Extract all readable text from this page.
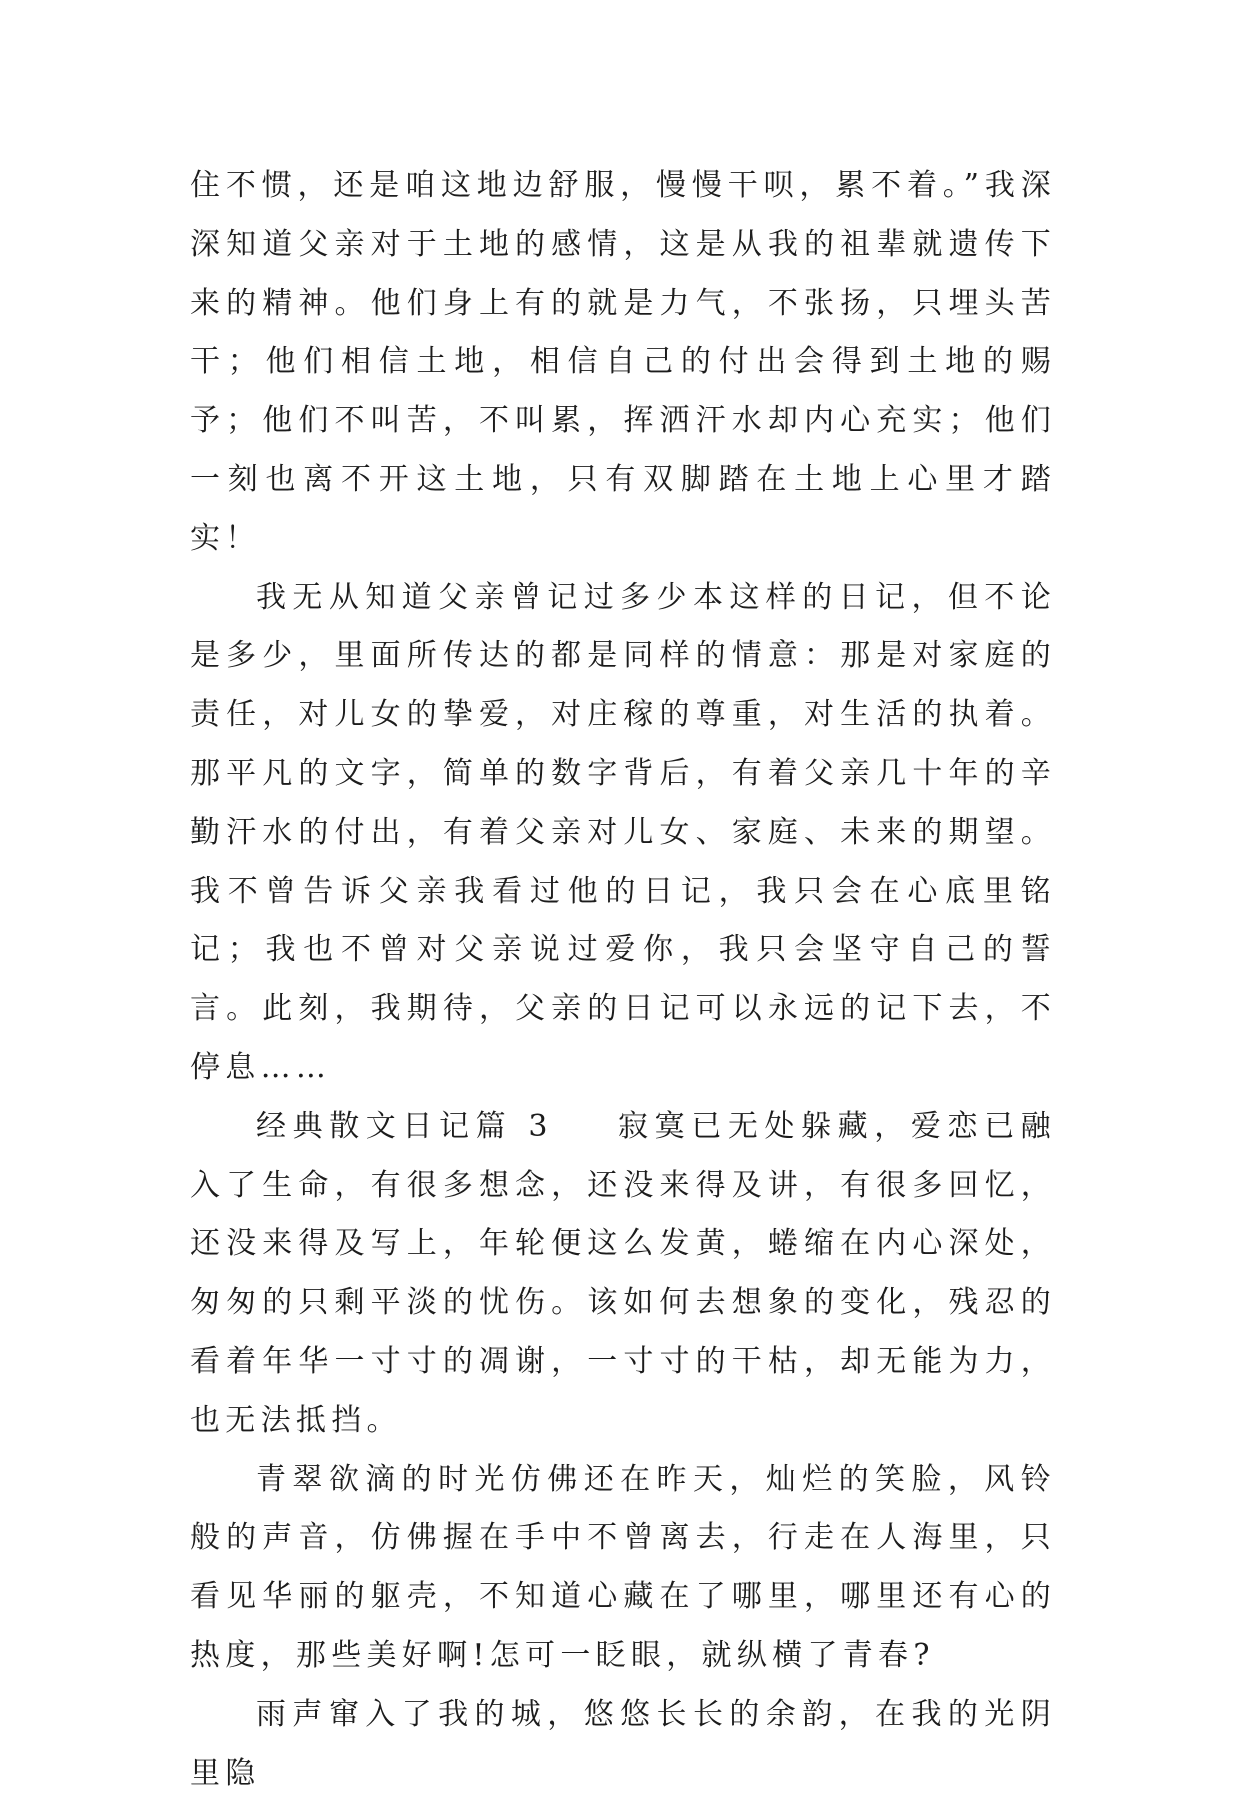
住不惯，还是咱这地边舒服，慢慢干呗，累不着。”我深深知道父亲对于土地的感情，这是从我的祖辈就遗传下来的精神。他们身上有的就是力气，不张扬，只埋头苦干；他们相信土地，相信自己的付出会得到土地的赐予；他们不叫苦，不叫累，挥洒汗水却内心充实；他们一刻也离不开这土地，只有双脚踏在土地上心里才踏实！

我无从知道父亲曾记过多少本这样的日记，但不论是多少，里面所传达的都是同样的情意：那是对家庭的责任，对儿女的挚爱，对庄稼的尊重，对生活的执着。那平凡的文字，简单的数字背后，有着父亲几十年的辛勤汗水的付出，有着父亲对儿女、家庭、未来的期望。我不曾告诉父亲我看过他的日记，我只会在心底里铭记；我也不曾对父亲说过爱你，我只会坚守自己的誓言。此刻，我期待，父亲的日记可以永远的记下去，不停息……

经典散文日记篇 3 寂寞已无处躲藏，爱恋已融入了生命，有很多想念，还没来得及讲，有很多回忆，还没来得及写上，年轮便这么发黄，蜷缩在内心深处，匆匆的只剩平淡的忧伤。该如何去想象的变化，残忍的看着年华一寸寸的凋谢，一寸寸的干枯，却无能为力，也无法抵挡。

青翠欲滴的时光仿佛还在昨天，灿烂的笑脸，风铃般的声音，仿佛握在手中不曾离去，行走在人海里，只看见华丽的躯壳，不知道心藏在了哪里，哪里还有心的热度，那些美好啊!怎可一眨眼，就纵横了青春?

雨声窜入了我的城，悠悠长长的余韵，在我的光阴里隐
